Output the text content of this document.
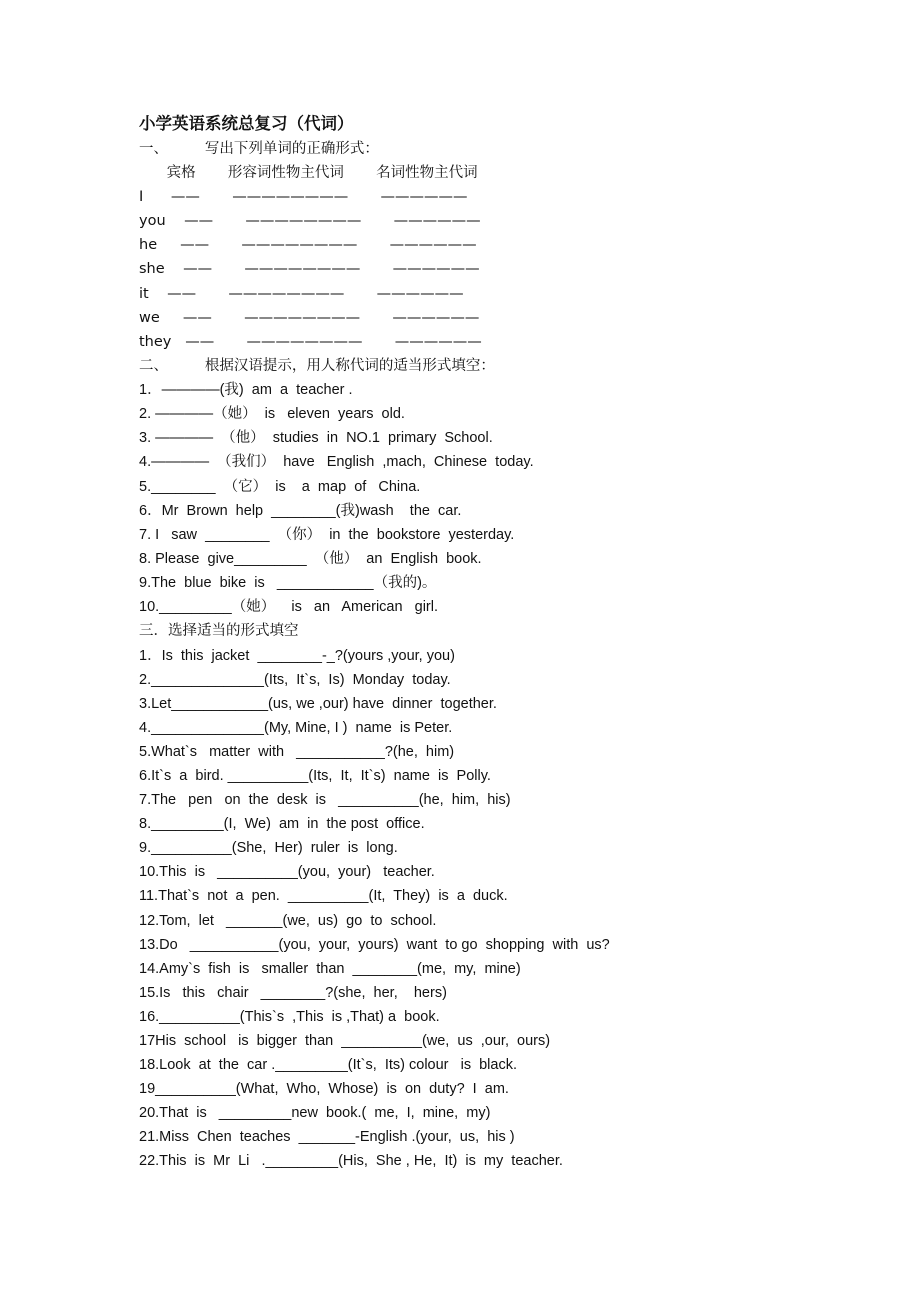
小学英语系统总复习（代词）
一、        写出下列单词的正确形式：
宾格       形容词性物主代词       名词性物主代词
I      ——       ————————       ——————
you    ——       ————————       ——————
he     ——       ————————       ——————
she    ——       ————————       ——————
it    ——       ————————       ——————
we     ——       ————————       ——————
they   ——       ————————       ——————
二、        根据汉语提示，用人称代词的适当形式填空：
1．————(我)  am  a  teacher .
2. ————（她）  is   eleven  years  old.
3. ————  （他）  studies  in  NO.1  primary  School.
4.————  （我们）  have   English  ,mach,  Chinese  today.
5.________  （它）  is    a  map  of   China.
6．Mr  Brown  help  ________(我)wash    the  car.
7. I   saw  ________  （你）  in  the  bookstore  yesterday.
8. Please  give_________  （他）  an  English  book.
9.The  blue  bike  is   ____________（我的)。
10._________（她）    is   an   American   girl.
三．选择适当的形式填空
1．Is  this  jacket  ________-_?(yours ,your, you)
2.______________(Its,  It`s,  Is)  Monday  today.
3.Let____________(us, we ,our) have  dinner  together.
4.______________(My, Mine, I )  name  is Peter.
5.What`s   matter  with   ___________?(he,  him)
6.It`s  a  bird. __________(Its,  It,  It`s)  name  is  Polly.
7.The   pen   on  the  desk  is   __________(he,  him,  his)
8._________(I,  We)  am  in  the post  office.
9.__________(She,  Her)  ruler  is  long.
10.This  is   __________(you,  your)   teacher.
11.That`s  not  a  pen.  __________(It,  They)  is  a  duck.
12.Tom,  let   _______(we,  us)  go  to  school.
13.Do   ___________(you,  your,  yours)  want  to go  shopping  with  us?
14.Amy`s  fish  is   smaller  than  ________(me,  my,  mine)
15.Is   this   chair   ________?(she,  her,    hers)
16.__________(This`s  ,This  is ,That) a  book.
17His  school   is  bigger  than  __________(we,  us  ,our,  ours)
18.Look  at  the  car ._________(It`s,  Its) colour   is  black.
19__________(What,  Who,  Whose)  is  on  duty?  I  am.
20.That  is   _________new  book.(  me,  I,  mine,  my)
21.Miss  Chen  teaches  _______-English .(your,  us,  his )
22.This  is  Mr  Li   ._________(His,  She , He,  It)  is  my  teacher.
